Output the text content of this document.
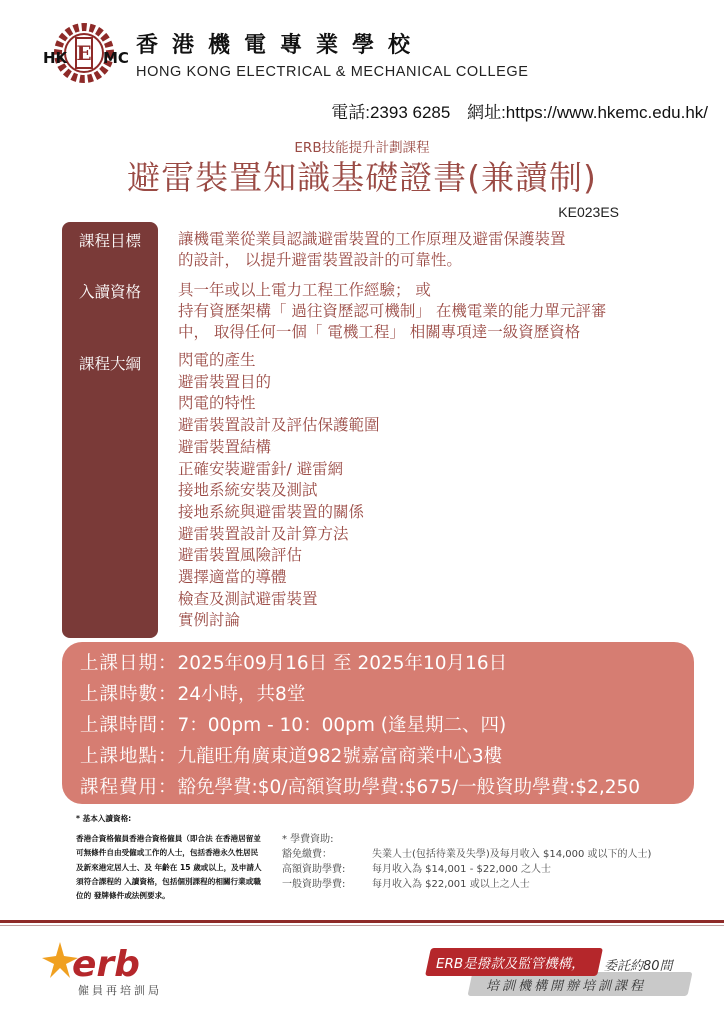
E
HK MC 香港機電專業學校
HONG KONG ELECTRICAL & MECHANICAL COLLEGE
電話:2393 6285 網址:https://www.hkemc.edu.hk/
ERB技能提升計劃課程
避雷裝置知識基礎證書(兼讀制)
KE023ES
課程目標	讓機電業從業員認識避雷裝置的工作原理及避雷保護裝置
的設計， 以提升避雷裝置設計的可靠性。
入讀資格	具一年或以上電力工程工作經驗； 或
持有資歷架構「 過往資歷認可機制」 在機電業的能力單元評審
中， 取得任何一個「 電機工程」 相關專項達一級資歷資格
課程大綱	閃電的產生
避雷裝置目的
閃電的特性
避雷裝置設計及評估保護範圍
避雷裝置結構
正確安裝避雷針/ 避雷網
接地系統安裝及測試
接地系統與避雷裝置的關係
避雷裝置設計及計算方法
避雷裝置風險評估
選擇適當的導體
檢查及測試避雷裝置
實例討論
上課日期：2025年09月16日 至 2025年10月16日
上課時數：24小時，共8堂
上課時間：7：00pm - 10：00pm (逢星期二、四)
上課地點：九龍旺角廣東道982號嘉富商業中心3樓
課程費用：豁免學費:$0/高額資助學費:$675/一般資助學費:$2,250
* 基本入讀資格:
香港合資格僱員香港合資格僱員（即合法 在香港居留並可無條件自由受僱或工作的人士，包括香港永久性居民及新來港定居人士、及 年齡在 15 歲或以上，及申請人須符合課程的 入讀資格，包括個別課程的相關行業或職位的 發牌條件或法例要求。
* 學費資助:
豁免繳費：	失業人士(包括待業及失學)及每月收入 $14,000 或以下的人士)
高額資助學費:	每月收入為 $14,001 - $22,000 之人士
一般資助學費:	每月收入為 $22,001 或以上之人士
erb
僱員再培訓局
ERB是撥款及監管機構， 委託約80間
培訓機構開辦培訓課程
